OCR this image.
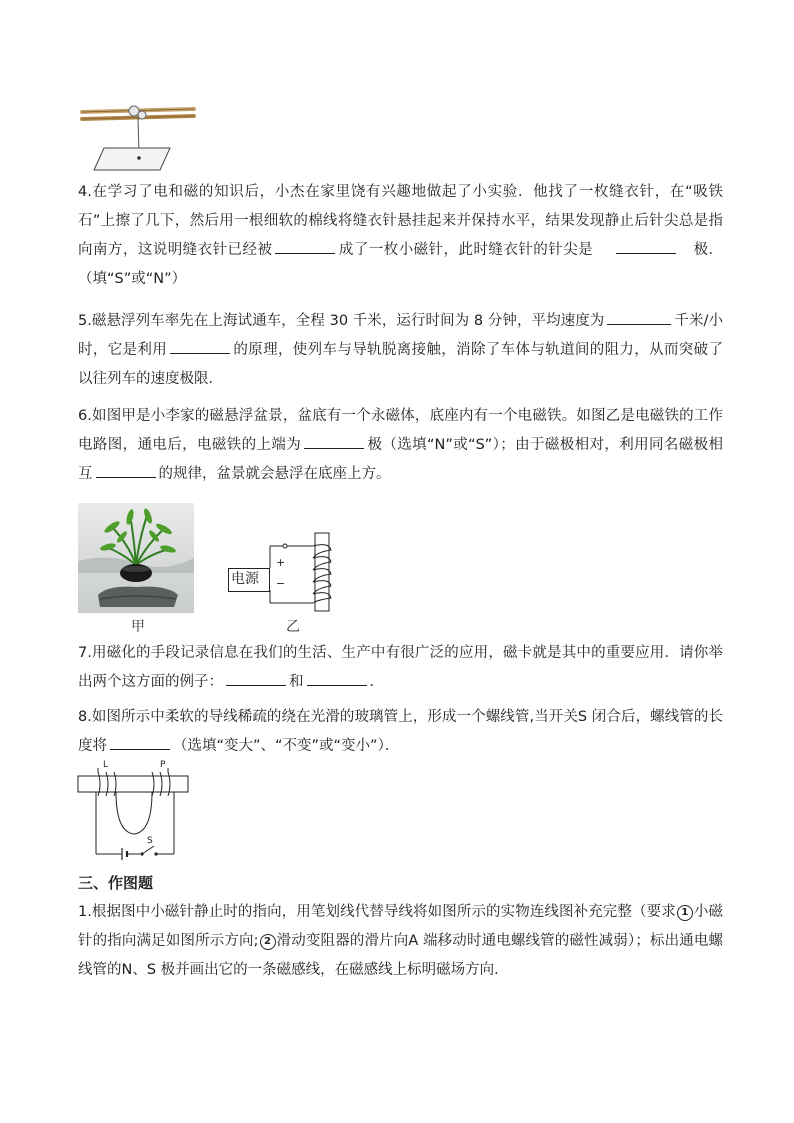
4.在学习了电和磁的知识后，小杰在家里饶有兴趣地做起了小实验．他找了一枚缝衣针，在“吸铁石”上擦了几下，然后用一根细软的棉线将缝衣针悬挂起来并保持水平，结果发现静止后针尖总是指向南方，这说明缝衣针已经被	成了一枚小磁针，此时缝衣针的针尖是	极．（填“S”或“N”）
5.磁悬浮列车率先在上海试通车，全程 30 千米，运行时间为 8 分钟，平均速度为	千米/小时，它是利用	的原理，使列车与导轨脱离接触，消除了车体与轨道间的阻力，从而突破了以往列车的速度极限．
6.如图甲是小李家的磁悬浮盆景，盆底有一个永磁体，底座内有一个电磁铁。如图乙是电磁铁的工作电路图，通电后，电磁铁的上端为	极（选填“N”或“S”）；由于磁极相对，利用同名磁极相互	的规律，盆景就会悬浮在底座上方。
甲
电源
+
−
乙
7.用磁化的手段记录信息在我们的生活、生产中有很广泛的应用，磁卡就是其中的重要应用．请你举出两个这方面的例子：	和	．
8.如图所示中柔软的导线稀疏的绕在光滑的玻璃管上，形成一个螺线管,当开关S 闭合后，螺线管的长度将	（选填“变大”、“不变”或“变小”）．
L	P
S
三、作图题
1.根据图中小磁针静止时的指向，用笔划线代替导线将如图所示的实物连线图补充完整（要求 1 小磁针的指向满足如图所示方向; 2 滑动变阻器的滑片向A 端移动时通电螺线管的磁性减弱）；标出通电螺线管的N、S 极并画出它的一条磁感线，在磁感线上标明磁场方向．
